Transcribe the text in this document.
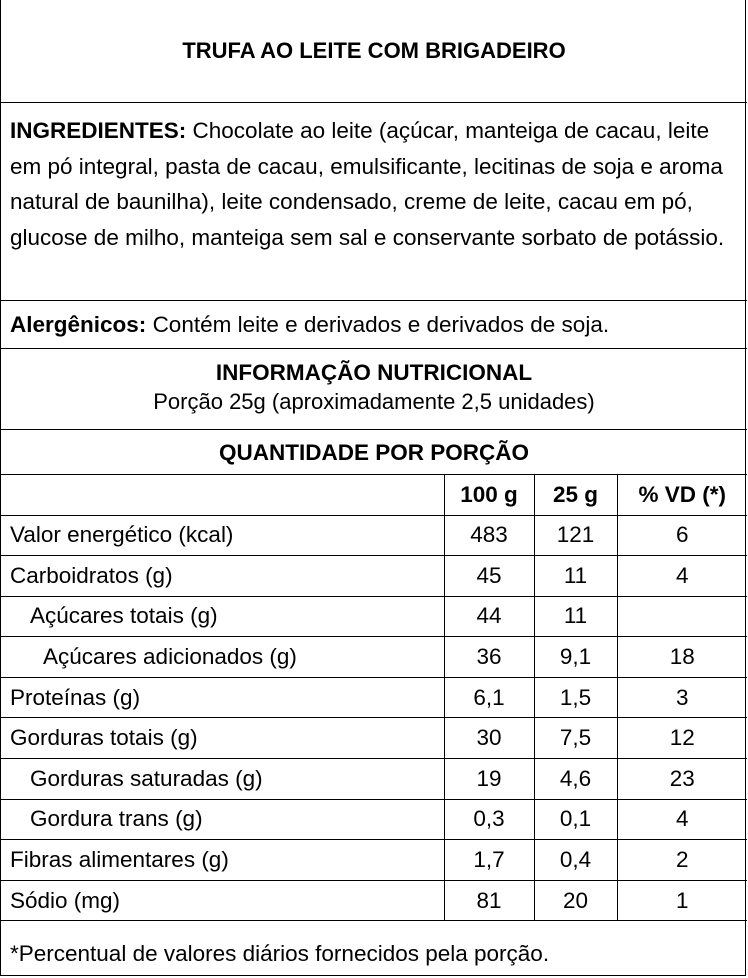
TRUFA AO LEITE COM BRIGADEIRO
INGREDIENTES: Chocolate ao leite (açúcar, manteiga de cacau, leite em pó integral, pasta de cacau, emulsificante, lecitinas de soja e aroma natural de baunilha), leite condensado, creme de leite, cacau em pó, glucose de milho, manteiga sem sal e conservante sorbato de potássio.
Alergênicos: Contém leite e derivados e derivados de soja.
INFORMAÇÃO NUTRICIONAL
Porção 25g (aproximadamente 2,5 unidades)
QUANTIDADE POR PORÇÃO
	100 g	25 g	% VD (*)
Valor energético (kcal)	483	121	6
Carboidratos (g)	45	11	4
Açúcares totais (g)	44	11	
Açúcares adicionados (g)	36	9,1	18
Proteínas (g)	6,1	1,5	3
Gorduras totais (g)	30	7,5	12
Gorduras saturadas (g)	19	4,6	23
Gordura trans (g)	0,3	0,1	4
Fibras alimentares (g)	1,7	0,4	2
Sódio (mg)	81	20	1
*Percentual de valores diários fornecidos pela porção.
